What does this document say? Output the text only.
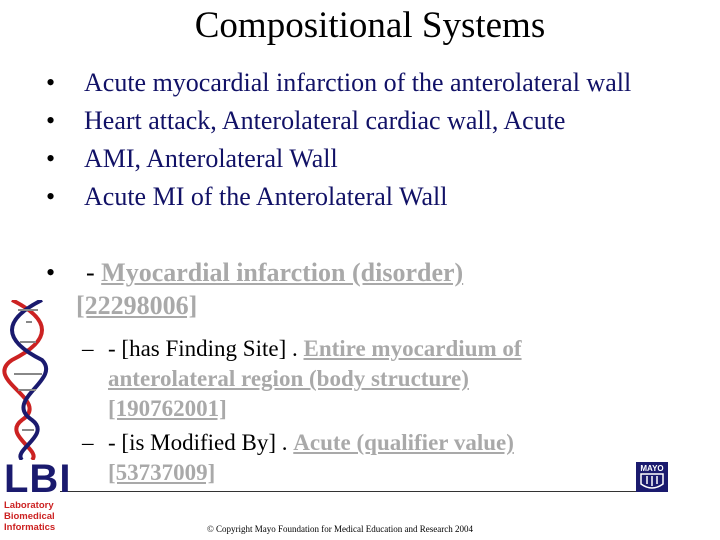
Compositional Systems
• Acute myocardial infarction of the anterolateral wall
• Heart attack, Anterolateral cardiac wall, Acute
• AMI, Anterolateral Wall
• Acute MI of the Anterolateral Wall
•	- Myocardial infarction (disorder)
[22298006]
– - [has Finding Site] . Entire myocardium of
anterolateral region (body structure)
[190762001]
– - [is Modified By] . Acute (qualifier value)
[53737009]
© Copyright Mayo Foundation for Medical Education and Research 2004
LBI
Laboratory
Biomedical
Informatics
MAYO
